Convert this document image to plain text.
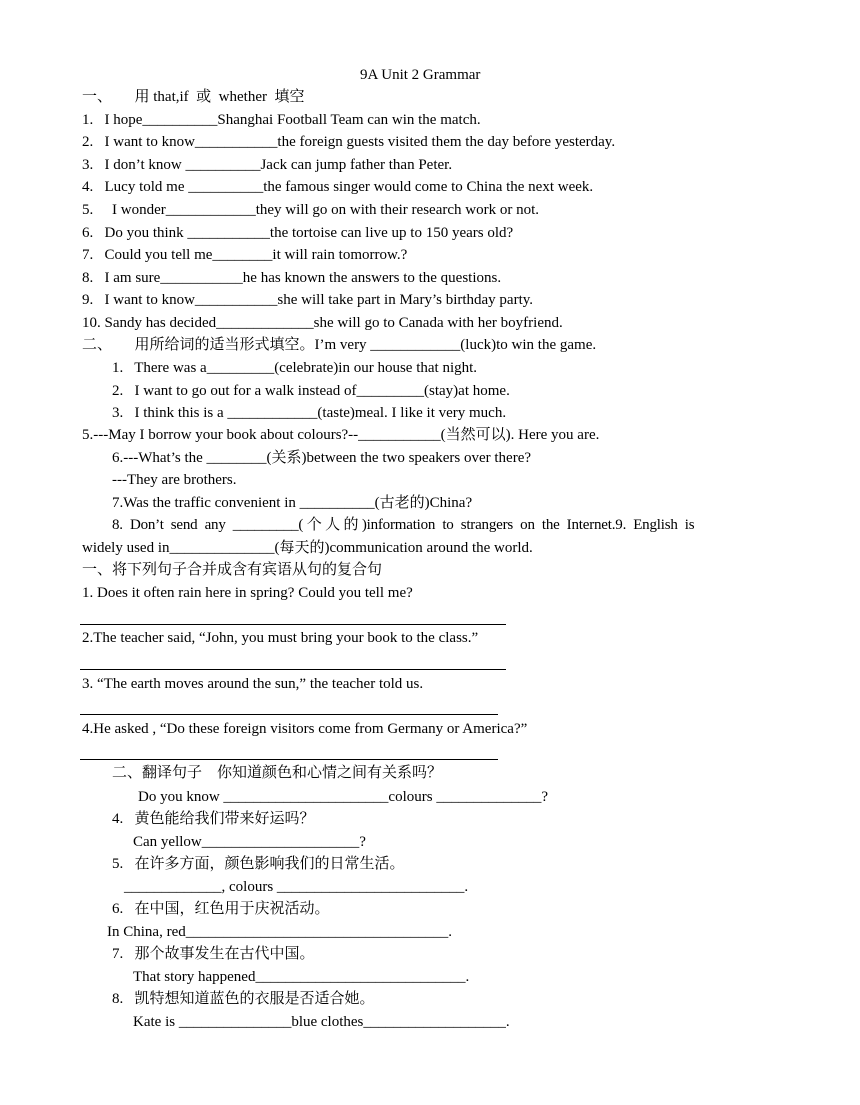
9A Unit 2 Grammar
一、      用 that,if  或  whether  填空
1.   I hope__________Shanghai Football Team can win the match.
2.   I want to know___________the foreign guests visited them the day before yesterday.
3.   I don’t know __________Jack can jump father than Peter.
4.   Lucy told me __________the famous singer would come to China the next week.
5.     I wonder____________they will go on with their research work or not.
6.   Do you think ___________the tortoise can live up to 150 years old?
7.   Could you tell me________it will rain tomorrow.?
8.   I am sure___________he has known the answers to the questions.
9.   I want to know___________she will take part in Mary’s birthday party.
10. Sandy has decided_____________she will go to Canada with her boyfriend.
二、      用所给词的适当形式填空。I’m very ____________(luck)to win the game.
1.   There was a_________(celebrate)in our house that night.
2.   I want to go out for a walk instead of_________(stay)at home.
3.   I think this is a ____________(taste)meal. I like it very much.
5.---May I borrow your book about colours?--___________(当然可以). Here you are.
6.---What’s the ________(关系)between the two speakers over there?
---They are brothers.
7.Was the traffic convenient in __________(古老的)China?
8.  Don’t  send  any  _________( 个 人 的 )information  to  strangers  on  the  Internet.9.  English  is
widely used in______________(每天的)communication around the world.
一、将下列句子合并成含有宾语从句的复合句
1. Does it often rain here in spring? Could you tell me?
2.The teacher said, “John, you must bring your book to the class.”
3. “The earth moves around the sun,” the teacher told us.
4.He asked , “Do these foreign visitors come from Germany or America?”
二、翻译句子    你知道颜色和心情之间有关系吗？
Do you know ______________________colours ______________?
4.   黄色能给我们带来好运吗？
Can yellow_____________________?
5.   在许多方面，颜色影响我们的日常生活。
_____________, colours _________________________.
6.   在中国，红色用于庆祝活动。
In China, red___________________________________.
7.   那个故事发生在古代中国。
That story happened____________________________.
8.   凯特想知道蓝色的衣服是否适合她。
Kate is _______________blue clothes___________________.
